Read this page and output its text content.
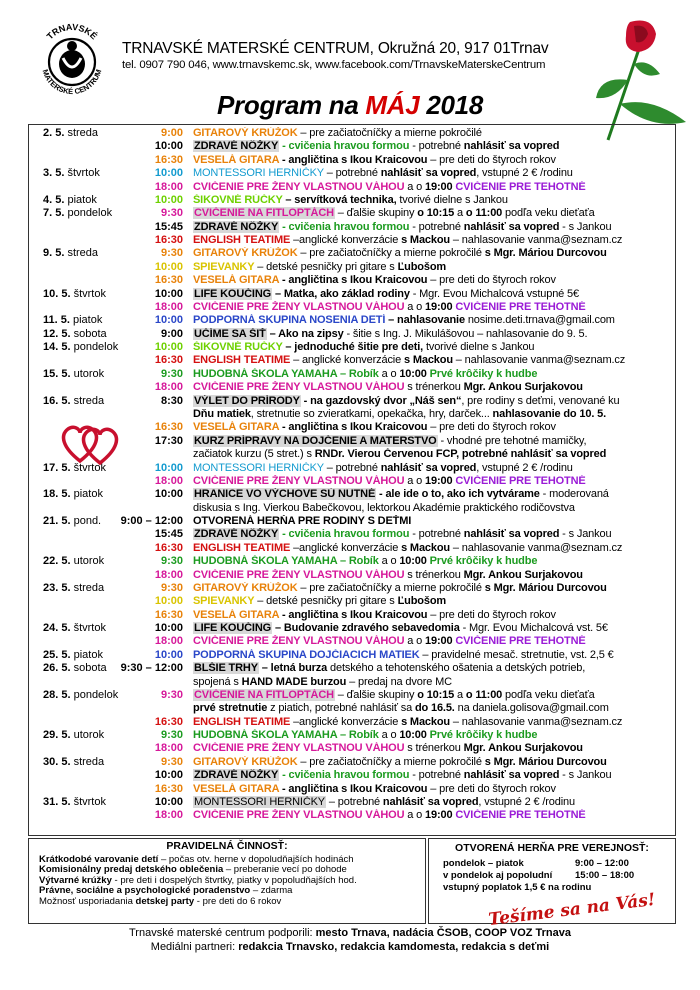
TRNAVSKÉ
MATERSKÉ CENTRUM
TRNAVSKÉ MATERSKÉ CENTRUM, Okružná 20, 917 01Trnav
tel. 0907 790 046, www.trnavskemc.sk, www.facebook.com/TrnavskeMaterskeCentrum
Program na MÁJ 2018
2. 5. streda	9:00 GITAROVÝ KRÚŽOK – pre začiatočníčky a mierne pokročilé
10:00 ZDRAVÉ NÔŽKY - cvičenia hravou formou - potrebné nahlásiť sa vopred
16:30 VESELÁ GITARA - angličtina s Ikou Kraicovou – pre deti do štyroch rokov
3. 5. štvrtok	10:00 MONTESSORI HERNIČKY – potrebné nahlásiť sa vopred, vstupné 2 € /rodinu
18:00 CVIČENIE PRE ŽENY VLASTNOU VÁHOU a o 19:00 CVIČENIE PRE TEHOTNÉ
4. 5. piatok	10:00 ŠIKOVNÉ RÚČKY – servítková technika, tvorivé dielne s Jankou
7. 5. pondelok	9:30 CVIČENIE NA FITLOPTÁCH – ďalšie skupiny o 10:15 a o 11:00 podľa veku dieťaťa
15:45 ZDRAVÉ NÔŽKY - cvičenia hravou formou - potrebné nahlásiť sa vopred - s Jankou
16:30 ENGLISH TEATIME –anglické konverzácie s Mackou – nahlasovanie vanma@seznam.cz
9. 5. streda	9:30 GITAROVÝ KRÚŽOK – pre začiatočníčky a mierne pokročilé s Mgr. Máriou Durcovou
10:00 SPIEVANKY – detské pesničky pri gitare s Ľubošom
16:30 VESELÁ GITARA - angličtina s Ikou Kraicovou – pre deti do štyroch rokov
10. 5. štvrtok	10:00 LIFE KOUČING – Matka, ako základ rodiny - Mgr. Evou Michalcová vstupné 5€
18:00 CVIČENIE PRE ŽENY VLASTNOU VÁHOU a o 19:00 CVIČENIE PRE TEHOTNÉ
11. 5. piatok	10:00 PODPORNÁ SKUPINA NOSENIA DETÍ – nahlasovanie nosime.deti.trnava@gmail.com
12. 5. sobota	9:00 UČÍME SA ŠIŤ – Ako na zipsy - šitie s Ing. J. Mikulášovou – nahlasovanie do 9. 5.
14. 5. pondelok	10:00 ŠIKOVNÉ RUČKY – jednoduché šitie pre deti, tvorivé dielne s Jankou
16:30 ENGLISH TEATIME – anglické konverzácie s Mackou – nahlasovanie vanma@seznam.cz
15. 5. utorok	9:30 HUDOBNÁ ŠKOLA YAMAHA – Robík a o 10:00 Prvé krôčiky k hudbe
18:00 CVIČENIE PRE ŽENY VLASTNOU VÁHOU s trénerkou Mgr. Ankou Surjakovou
16. 5. streda	8:30 VÝLET DO PRÍRODY - na gazdovský dvor „Náš sen“, pre rodiny s deťmi, venované ku
Dňu matiek, stretnutie so zvieratkami, opekačka, hry, darček... nahlasovanie do 10. 5.
16:30 VESELÁ GITARA - angličtina s Ikou Kraicovou – pre deti do štyroch rokov
17:30 KURZ PRÍPRAVY NA DOJČENIE A MATERSTVO - vhodné pre tehotné mamičky,
začiatok kurzu (5 stret.) s RNDr. Vierou Červenou FCP, potrebné nahlásiť sa vopred
17. 5. štvrtok	10:00 MONTESSORI HERNIČKY – potrebné nahlásiť sa vopred, vstupné 2 € /rodinu
18:00 CVIČENIE PRE ŽENY VLASTNOU VÁHOU a o 19:00 CVIČENIE PRE TEHOTNÉ
18. 5. piatok	10:00 HRANICE VO VÝCHOVE SÚ NUTNÉ - ale ide o to, ako ich vytvárame - moderovaná
diskusia s Ing. Vierkou Babečkovou, lektorkou Akadémie praktického rodičovstva
21. 5. pond.	9:00 – 12:00 OTVORENÁ HERŇA PRE RODINY S DEŤMI
15:45 ZDRAVÉ NÔŽKY - cvičenia hravou formou - potrebné nahlásiť sa vopred - s Jankou
16:30 ENGLISH TEATIME –anglické konverzácie s Mackou – nahlasovanie vanma@seznam.cz
22. 5. utorok	9:30 HUDOBNÁ ŠKOLA YAMAHA – Robík a o 10:00 Prvé krôčiky k hudbe
18:00 CVIČENIE PRE ŽENY VLASTNOU VÁHOU s trénerkou Mgr. Ankou Surjakovou
23. 5. streda	9:30 GITAROVÝ KRÚŽOK – pre začiatočníčky a mierne pokročilé s Mgr. Máriou Durcovou
10:00 SPIEVANKY – detské pesničky pri gitare s Ľubošom
16:30 VESELÁ GITARA - angličtina s Ikou Kraicovou – pre deti do štyroch rokov
24. 5. štvrtok	10:00 LIFE KOUČING – Budovanie zdravého sebavedomia - Mgr. Evou Michalcová vst. 5€
18:00 CVIČENIE PRE ŽENY VLASTNOU VÁHOU a o 19:00 CVIČENIE PRE TEHOTNÉ
25. 5. piatok	10:00 PODPORNÁ SKUPINA DOJČIACICH MATIEK – pravidelné mesač. stretnutie, vst. 2,5 €
26. 5. sobota	9:30 – 12:00 BLŠIE TRHY – letná burza detského a tehotenského ošatenia a detských potrieb,
spojená s HAND MADE burzou – predaj na dvore MC
28. 5. pondelok	9:30 CVIČENIE NA FITLOPTÁCH – ďalšie skupiny o 10:15 a o 11:00 podľa veku dieťaťa
prvé stretnutie z piatich, potrebné nahlásiť sa do 16.5. na daniela.golisova@gmail.com
16:30 ENGLISH TEATIME –anglické konverzácie s Mackou – nahlasovanie vanma@seznam.cz
29. 5. utorok	9:30 HUDOBNÁ ŠKOLA YAMAHA – Robík a o 10:00 Prvé krôčiky k hudbe
18:00 CVIČENIE PRE ŽENY VLASTNOU VÁHOU s trénerkou Mgr. Ankou Surjakovou
30. 5. streda	9:30 GITAROVÝ KRÚŽOK – pre začiatočníčky a mierne pokročilé s Mgr. Máriou Durcovou
10:00 ZDRAVÉ NÔŽKY - cvičenia hravou formou - potrebné nahlásiť sa vopred - s Jankou
16:30 VESELÁ GITARA - angličtina s Ikou Kraicovou – pre deti do štyroch rokov
31. 5. štvrtok	10:00 MONTESSORI HERNIČKY – potrebné nahlásiť sa vopred, vstupné 2 € /rodinu
18:00 CVIČENIE PRE ŽENY VLASTNOU VÁHOU a o 19:00 CVIČENIE PRE TEHOTNÉ
PRAVIDELNÁ ČINNOSŤ:
Krátkodobé varovanie detí – počas otv. herne v dopoludňajších hodinách
Komisionálny predaj detského oblečenia – preberanie vecí po dohode
Výtvarné krúžky - pre deti i dospelých štvrtky, piatky v popoludňajších hod.
Právne, sociálne a psychologické poradenstvo – zdarma
Možnosť usporiadania detskej party - pre deti do 6 rokov
OTVORENÁ HERŇA PRE VEREJNOSŤ:
pondelok – piatok	9:00 – 12:00
v pondelok aj popoludní 15:00 – 18:00
vstupný poplatok 1,5 € na rodinu
Tešíme sa na Vás!
Trnavské materské centrum podporili: mesto Trnava, nadácia ČSOB, COOP VOZ Trnava
Mediálni partneri: redakcia Trnavsko, redakcia kamdomesta, redakcia s deťmi
